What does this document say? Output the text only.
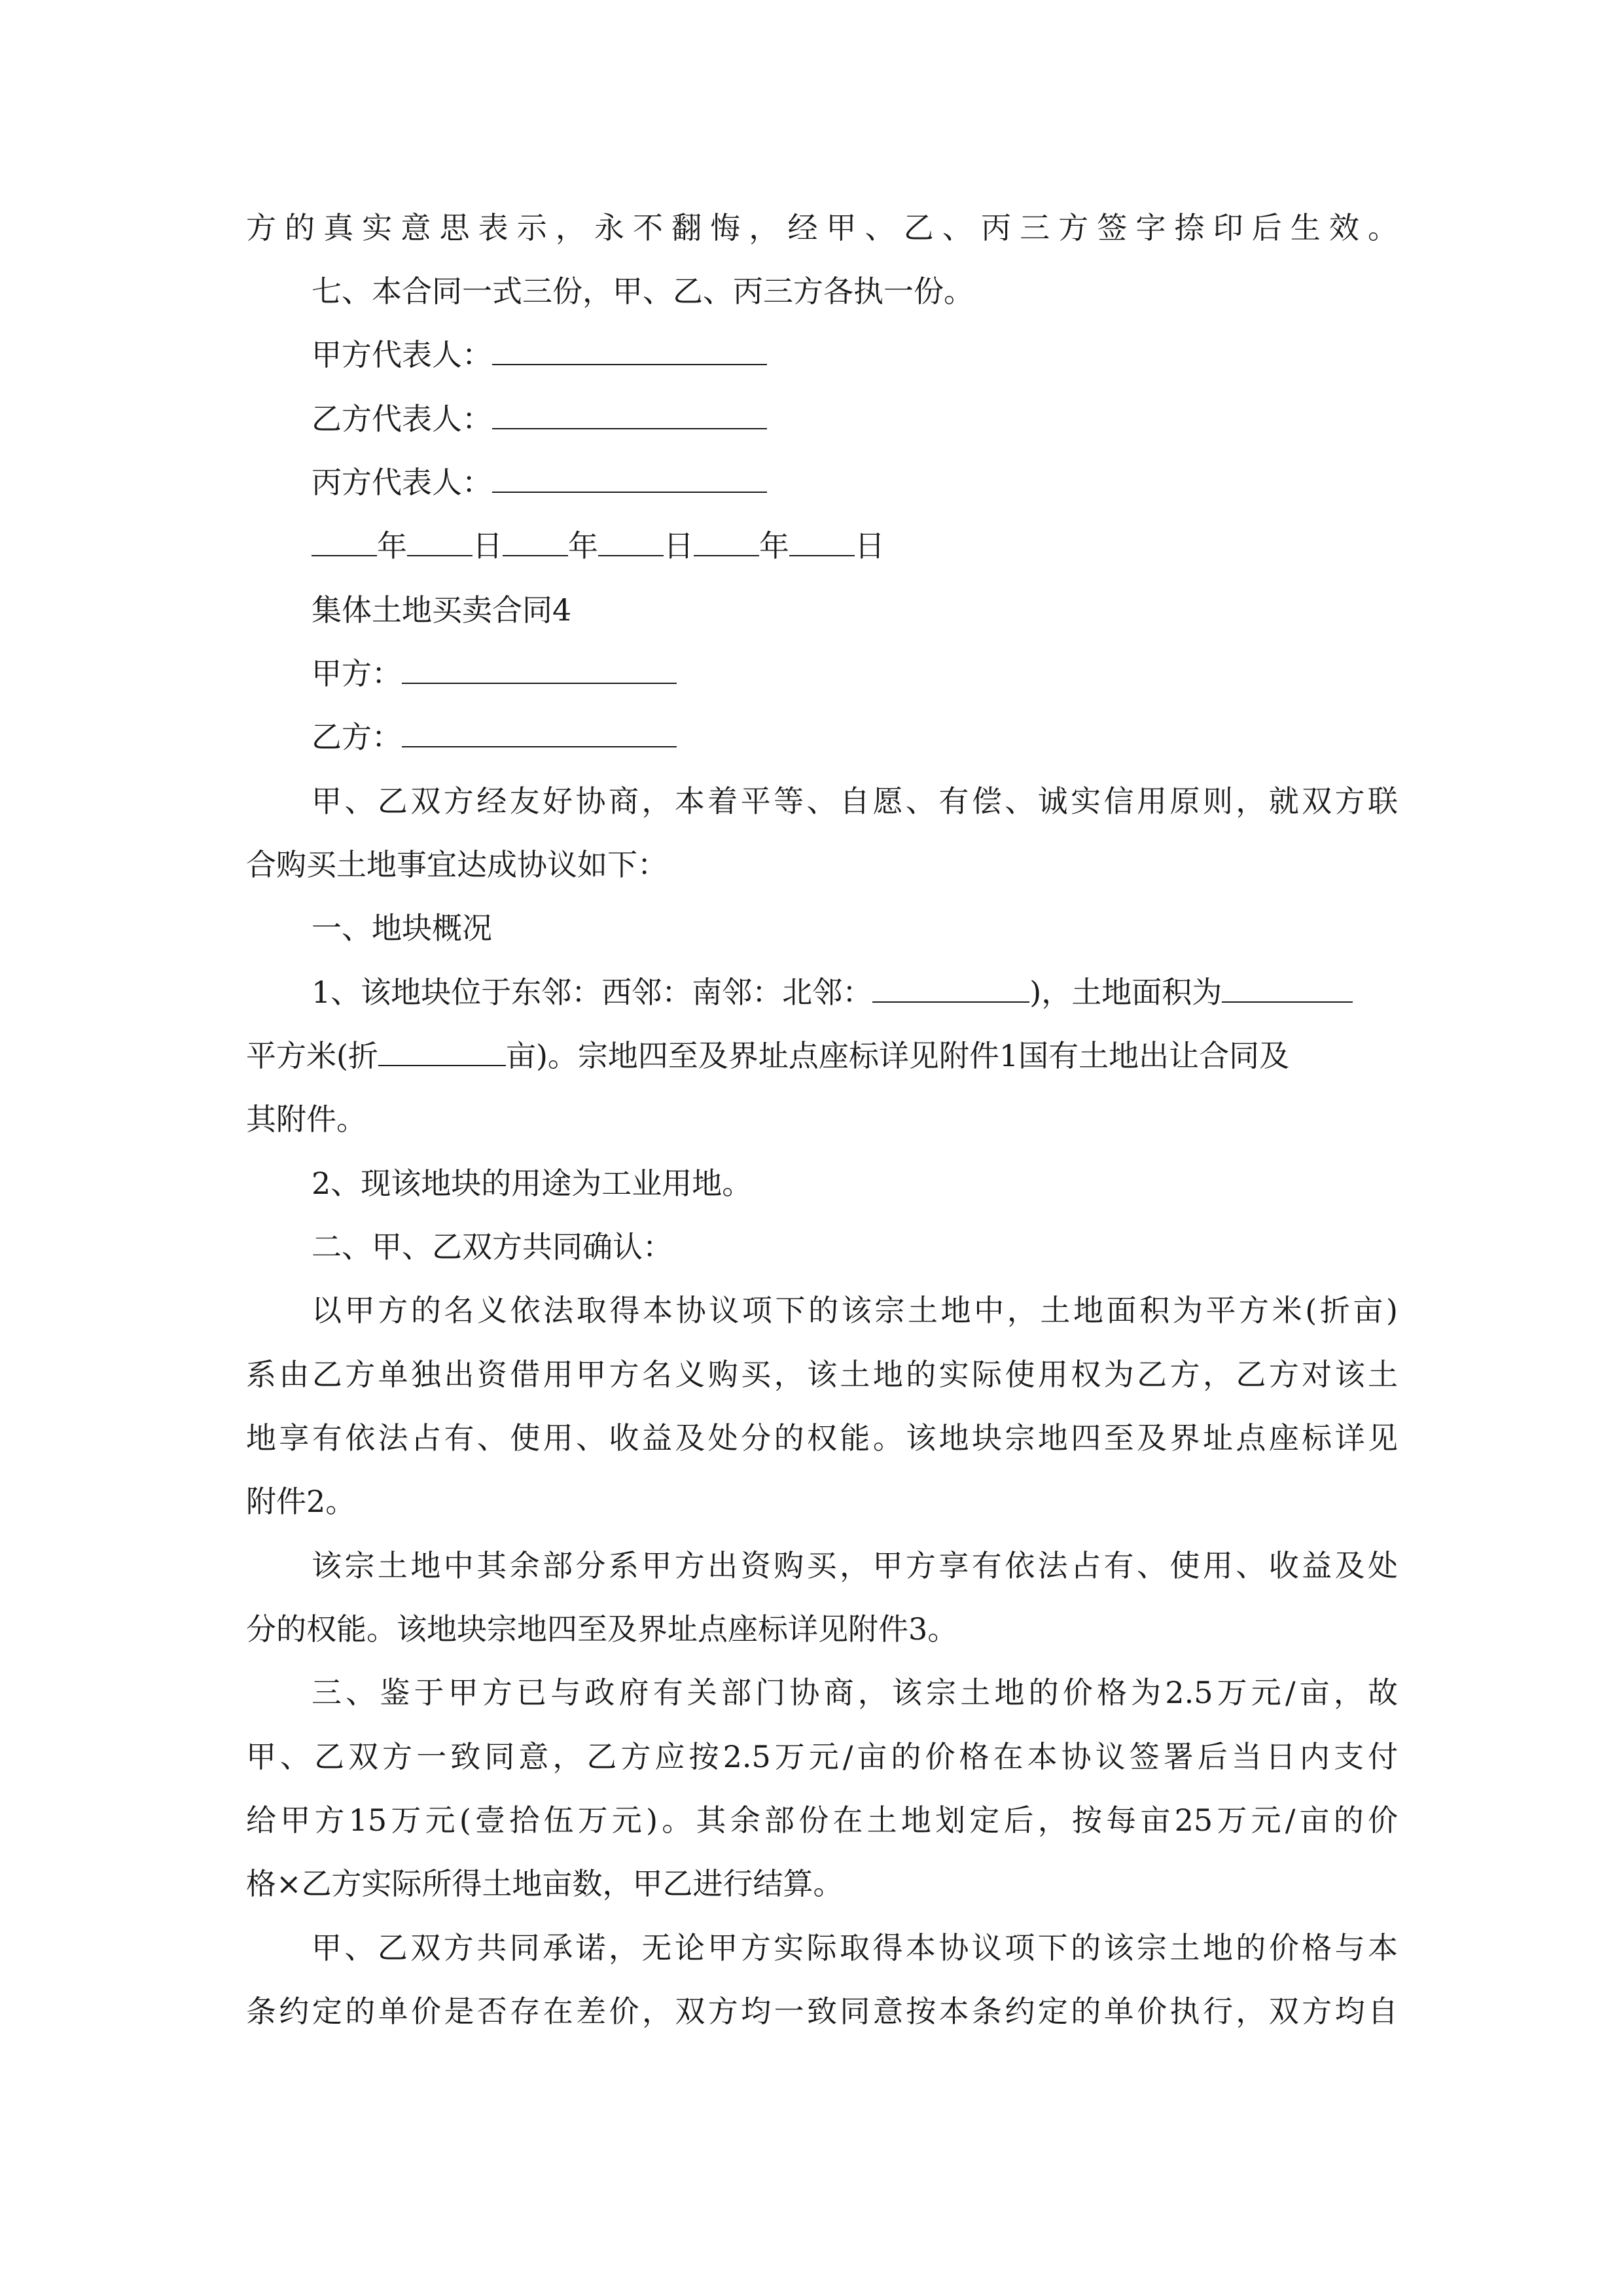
方的真实意思表示，永不翻悔，经甲、乙、丙三方签字捺印后生效。
七、本合同一式三份，甲、乙、丙三方各执一份。
甲方代表人：
乙方代表人：
丙方代表人：
年 日 年 日 年 日
集体土地买卖合同4
甲方：
乙方：
甲、乙双方经友好协商，本着平等、自愿、有偿、诚实信用原则，就双方联
合购买土地事宜达成协议如下：
一、地块概况
1、该地块位于东邻：西邻：南邻：北邻：	)，土地面积为
平方米(折	亩)。宗地四至及界址点座标详见附件1国有土地出让合同及
其附件。
2、现该地块的用途为工业用地。
二、甲、乙双方共同确认：
以甲方的名义依法取得本协议项下的该宗土地中，土地面积为平方米(折亩)
系由乙方单独出资借用甲方名义购买，该土地的实际使用权为乙方，乙方对该土
地享有依法占有、使用、收益及处分的权能。该地块宗地四至及界址点座标详见
附件2。
该宗土地中其余部分系甲方出资购买，甲方享有依法占有、使用、收益及处
分的权能。该地块宗地四至及界址点座标详见附件3。
三、鉴于甲方已与政府有关部门协商，该宗土地的价格为2.5万元/亩，故
甲、乙双方一致同意，乙方应按2.5万元/亩的价格在本协议签署后当日内支付
给甲方15万元(壹拾伍万元)。其余部份在土地划定后，按每亩25万元/亩的价
格×乙方实际所得土地亩数，甲乙进行结算。
甲、乙双方共同承诺，无论甲方实际取得本协议项下的该宗土地的价格与本
条约定的单价是否存在差价，双方均一致同意按本条约定的单价执行，双方均自
